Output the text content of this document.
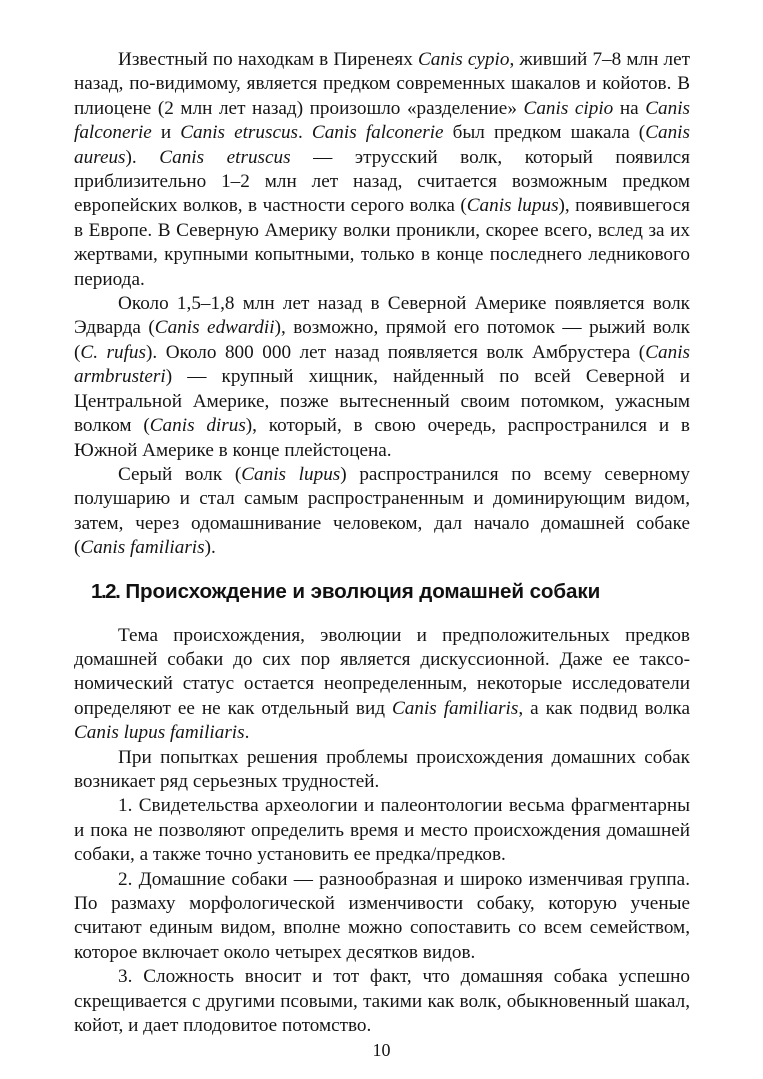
Известный по находкам в Пиренеях Canis cypio, живший 7–8 млн лет назад, по-видимому, является предком современных шакалов и койотов. В плиоцене (2 млн лет назад) произошло «разделение» Canis cipio на Canis falconerie и Canis etruscus. Canis falconerie был предком шакала (Canis aureus). Canis etruscus — этрусский волк, который появился приблизительно 1–2 млн лет назад, считается возможным предком европейских волков, в частности серого волка (Canis lupus), появившегося в Европе. В Северную Америку волки проникли, скорее всего, вслед за их жертвами, крупными копытными, только в конце последнего ледникового периода.

Около 1,5–1,8 млн лет назад в Северной Америке появляется волк Эдварда (Canis edwardii), возможно, прямой его потомок — рыжий волк (C. rufus). Около 800 000 лет назад появляется волк Амбрустера (Canis armbrusteri) — крупный хищник, найденный по всей Северной и Центральной Америке, позже вытесненный своим потомком, ужасным волком (Canis dirus), который, в свою очередь, распространился и в Южной Америке в конце плейстоцена.

Серый волк (Canis lupus) распространился по всему северному полушарию и стал самым распространенным и доминирующим видом, затем, через одомашнивание человеком, дал начало домашней собаке (Canis familiaris).

1.2. Происхождение и эволюция домашней собаки

Тема происхождения, эволюции и предположительных предков домашней собаки до сих пор является дискуссионной. Даже ее таксономический статус остается неопределенным, некоторые исследователи определяют ее не как отдельный вид Canis familiaris, а как подвид волка Canis lupus familiaris.

При попытках решения проблемы происхождения домашних собак возникает ряд серьезных трудностей.

1. Свидетельства археологии и палеонтологии весьма фрагментарны и пока не позволяют определить время и место происхождения домашней собаки, а также точно установить ее предка/предков.

2. Домашние собаки — разнообразная и широко изменчивая группа. По размаху морфологической изменчивости собаку, которую ученые считают единым видом, вполне можно сопоставить со всем семейством, которое включает около четырех десятков видов.

3. Сложность вносит и тот факт, что домашняя собака успешно скрещивается с другими псовыми, такими как волк, обыкновенный шакал, койот, и дает плодовитое потомство.

10
